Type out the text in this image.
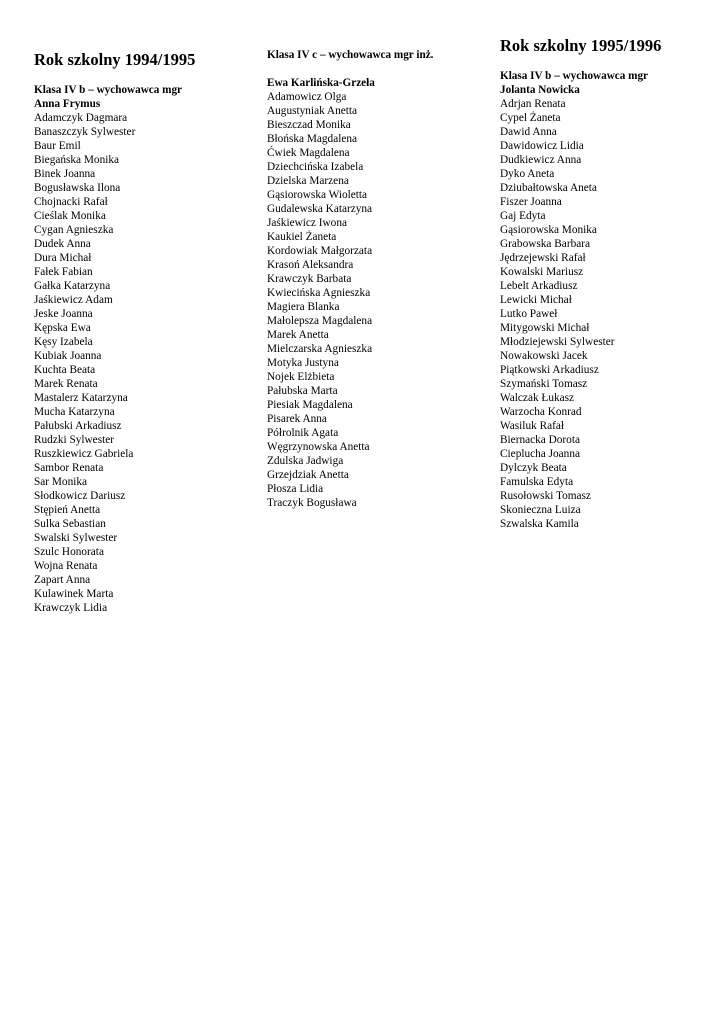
Rok szkolny 1994/1995
Klasa IV b – wychowawca mgr
Anna Frymus
Adamczyk Dagmara
Banaszczyk Sylwester
Baur Emil
Biegańska Monika
Binek Joanna
Bogusławska Ilona
Chojnacki Rafał
Cieślak Monika
Cygan Agnieszka
Dudek Anna
Dura Michał
Fałek Fabian
Gałka Katarzyna
Jaśkiewicz Adam
Jeske Joanna
Kępska Ewa
Kęsy Izabela
Kubiak Joanna
Kuchta Beata
Marek Renata
Mastalerz Katarzyna
Mucha Katarzyna
Pałubski Arkadiusz
Rudzki Sylwester
Ruszkiewicz Gabriela
Sambor Renata
Sar Monika
Słodkowicz Dariusz
Stępień Anetta
Sulka Sebastian
Swalski Sylwester
Szulc Honorata
Wojna Renata
Zapart Anna
Kulawinek Marta
Krawczyk Lidia
Klasa IV c – wychowawca mgr inż.
Ewa Karlińska-Grzeła
Adamowicz Olga
Augustyniak Anetta
Bieszczad Monika
Błońska Magdalena
Ćwiek Magdalena
Dziechcińska Izabela
Dzielska Marzena
Gąsiorowska Wioletta
Gudalewska Katarzyna
Jaśkiewicz Iwona
Kaukiel Żaneta
Kordowiak Małgorzata
Krasoń Aleksandra
Krawczyk Barbata
Kwiecińska Agnieszka
Magiera Blanka
Małolepsza Magdalena
Marek Anetta
Mielczarska Agnieszka
Motyka Justyna
Nojek Elżbieta
Pałubska Marta
Piesiak Magdalena
Pisarek Anna
Półrolnik Agata
Węgrzynowska Anetta
Zdulska Jadwiga
Grzejdziak Anetta
Płosza Lidia
Traczyk Bogusława
Rok szkolny 1995/1996
Klasa IV b – wychowawca mgr
Jolanta Nowicka
Adrjan Renata
Cypel Żaneta
Dawid Anna
Dawidowicz Lidia
Dudkiewicz Anna
Dyko Aneta
Dziubałtowska Aneta
Fiszer Joanna
Gaj Edyta
Gąsiorowska Monika
Grabowska Barbara
Jędrzejewski Rafał
Kowalski Mariusz
Lebelt Arkadiusz
Lewicki Michał
Lutko Paweł
Mitygowski Michał
Młodziejewski Sylwester
Nowakowski Jacek
Piątkowski Arkadiusz
Szymański Tomasz
Walczak Łukasz
Warzocha Konrad
Wasiluk Rafał
Biernacka Dorota
Cieplucha Joanna
Dylczyk Beata
Famulska Edyta
Rusołowski Tomasz
Skonieczna Luiza
Szwalska Kamila
